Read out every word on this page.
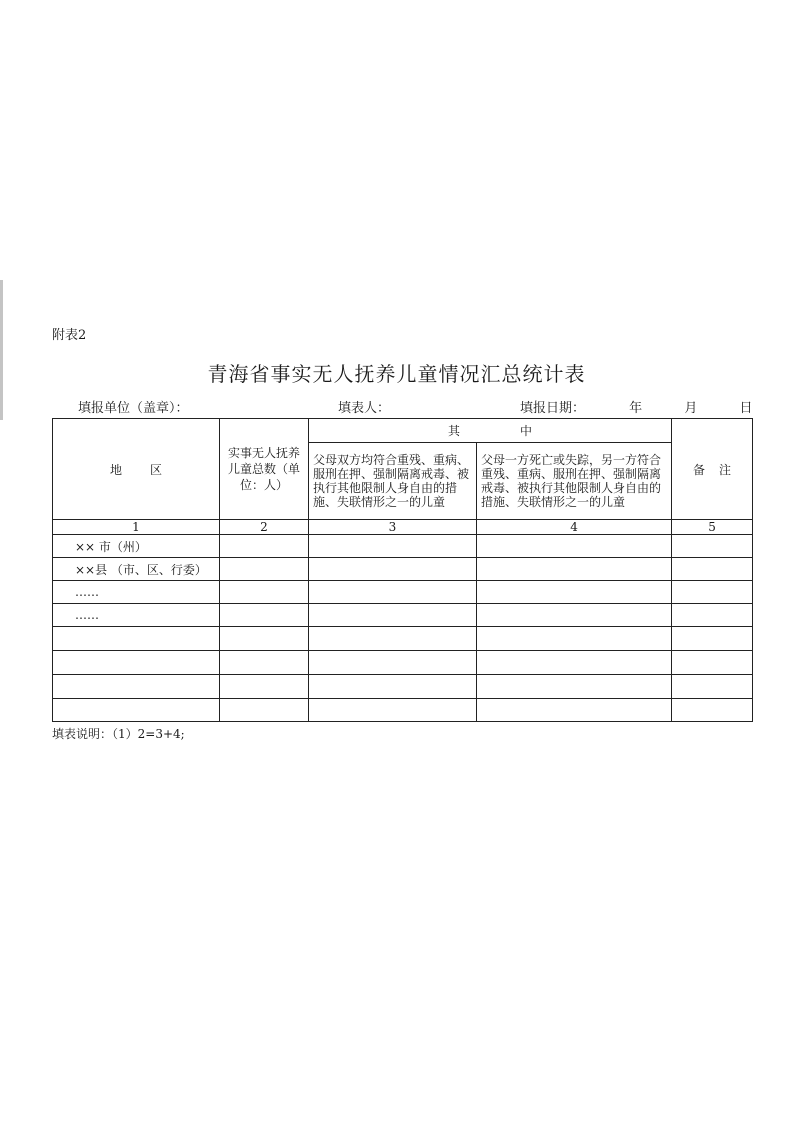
附表2
青海省事实无人抚养儿童情况汇总统计表
填报单位（盖章）：	填表人：	填报日期：	年	月	日
地区	实事无人抚养儿童总数（单位：人）	其中		备注
		父母双方均符合重残、重病、服刑在押、强制隔离戒毒、被执行其他限制人身自由的措施、失联情形之一的儿童	父母一方死亡或失踪，另一方符合重残、重病、服刑在押、强制隔离戒毒、被执行其他限制人身自由的措施、失联情形之一的儿童	
1	2	3	4	5
×× 市（州）				
××县 （市、区、行委）				
……				
……				

填表说明：（1）2=3+4;
